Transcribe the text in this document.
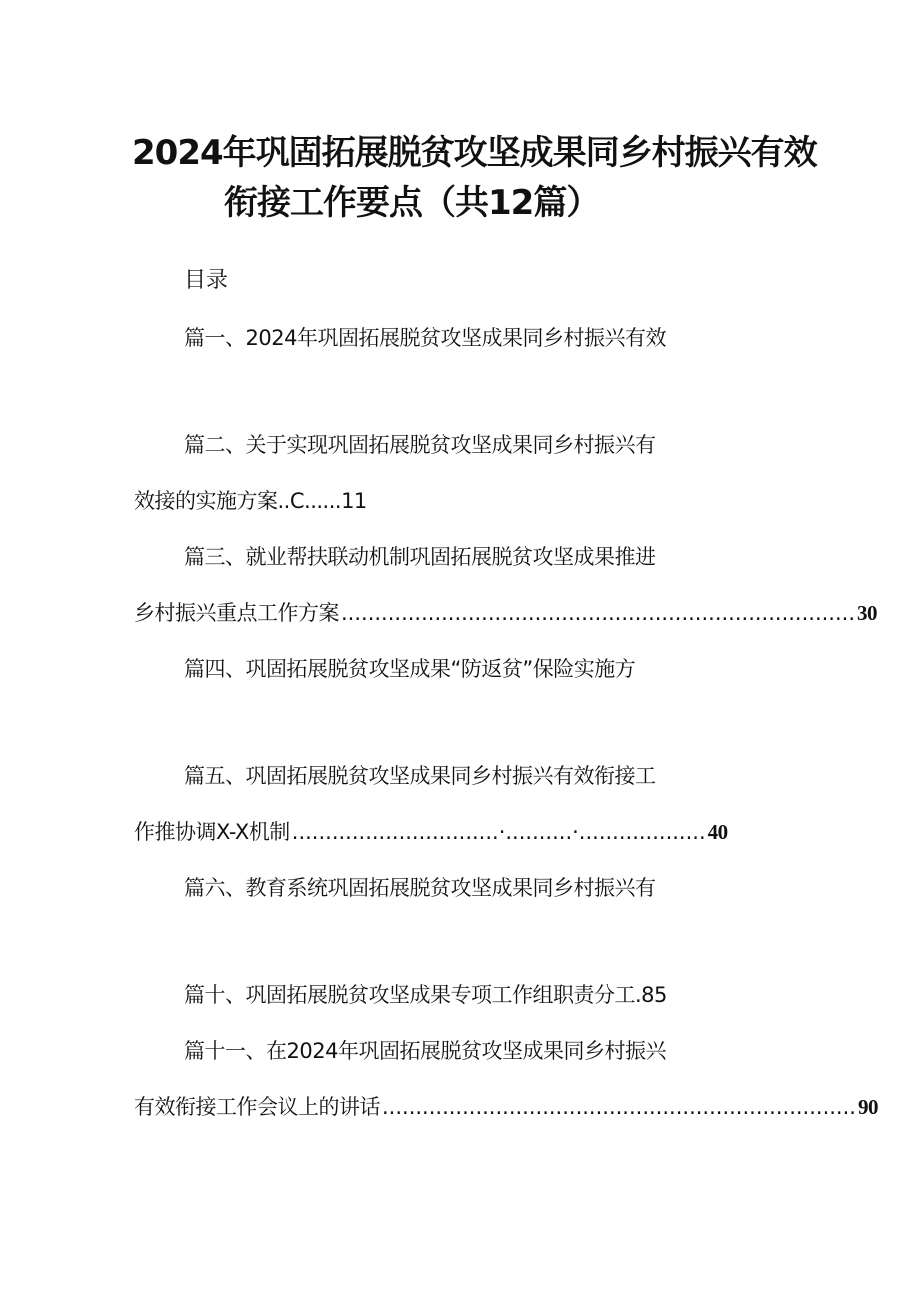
2024年巩固拓展脱贫攻坚成果同乡村振兴有效
衔接工作要点（共12篇）
目录
篇一、2024年巩固拓展脱贫攻坚成果同乡村振兴有效
篇二、关于实现巩固拓展脱贫攻坚成果同乡村振兴有
效接的实施方案..C......11
篇三、就业帮扶联动机制巩固拓展脱贫攻坚成果推进
乡村振兴重点工作方案 ............................................................................. 30
篇四、巩固拓展脱贫攻坚成果“防返贫”保险实施方
篇五、巩固拓展脱贫攻坚成果同乡村振兴有效衔接工
作推协调X-X机制 ...............................·..........·................... 40
篇六、教育系统巩固拓展脱贫攻坚成果同乡村振兴有
篇十、巩固拓展脱贫攻坚成果专项工作组职责分工.85
篇十一、在2024年巩固拓展脱贫攻坚成果同乡村振兴
有效衔接工作会议上的讲话 ....................................................................... 90
